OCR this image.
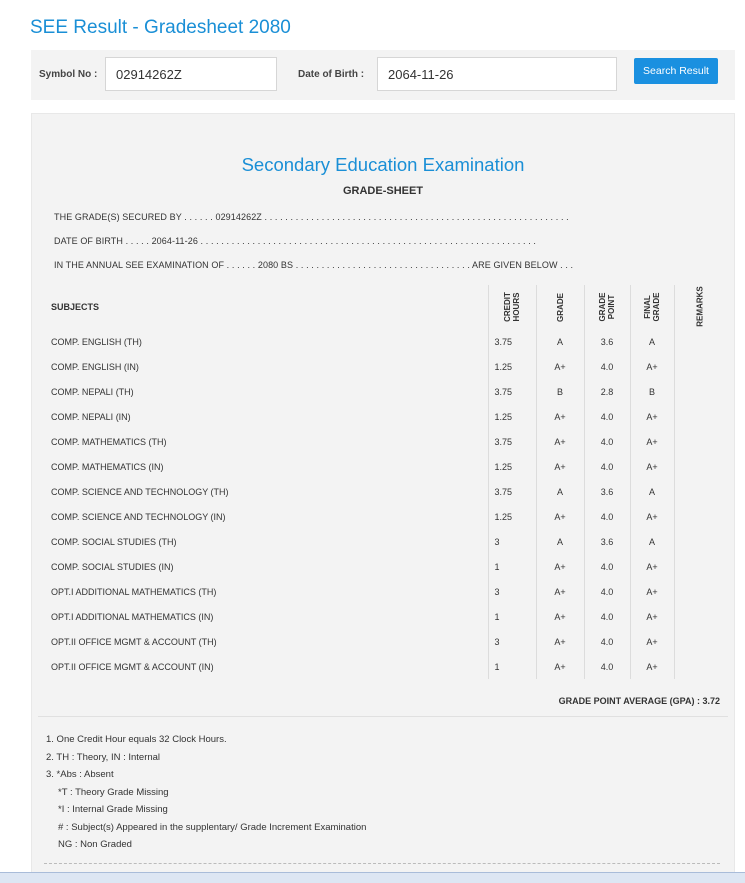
SEE Result - Gradesheet 2080
Symbol No :
02914262Z	Date of Birth :
2064-11-26	Search Result
Secondary Education Examination
GRADE-SHEET
THE GRADE(S) SECURED BY . . . . . . 02914262Z . . . . . . . . . . . . . . . . . . . . . . . . . . . . . . . . . . . . . . . . . . . . . . . . . . . . . . . . . . .
DATE OF BIRTH . . . . . 2064-11-26 . . . . . . . . . . . . . . . . . . . . . . . . . . . . . . . . . . . . . . . . . . . . . . . . . . . . . . . . . . . . . . . . .
IN THE ANNUAL SEE EXAMINATION OF . . . . . . 2080 BS . . . . . . . . . . . . . . . . . . . . . . . . . . . . . . . . . . ARE GIVEN BELOW . . .
SUBJECTS	CREDIT HOURS	GRADE	GRADE POINT	FINAL GRADE	REMARKS
COMP. ENGLISH (TH)	3.75	A	3.6	A	
COMP. ENGLISH (IN)	1.25	A+	4.0	A+	
COMP. NEPALI (TH)	3.75	B	2.8	B	
COMP. NEPALI (IN)	1.25	A+	4.0	A+	
COMP. MATHEMATICS (TH)	3.75	A+	4.0	A+	
COMP. MATHEMATICS (IN)	1.25	A+	4.0	A+	
COMP. SCIENCE AND TECHNOLOGY (TH)	3.75	A	3.6	A	
COMP. SCIENCE AND TECHNOLOGY (IN)	1.25	A+	4.0	A+	
COMP. SOCIAL STUDIES (TH)	3	A	3.6	A	
COMP. SOCIAL STUDIES (IN)	1	A+	4.0	A+	
OPT.I ADDITIONAL MATHEMATICS (TH)	3	A+	4.0	A+	
OPT.I ADDITIONAL MATHEMATICS (IN)	1	A+	4.0	A+	
OPT.II OFFICE MGMT & ACCOUNT (TH)	3	A+	4.0	A+	
OPT.II OFFICE MGMT & ACCOUNT (IN)	1	A+	4.0	A+	
GRADE POINT AVERAGE (GPA) : 3.72
1. One Credit Hour equals 32 Clock Hours.
2. TH : Theory, IN : Internal
3. *Abs : Absent
*T : Theory Grade Missing
*I : Internal Grade Missing
# : Subject(s) Appeared in the supplentary/ Grade Increment Examination
NG : Non Graded
